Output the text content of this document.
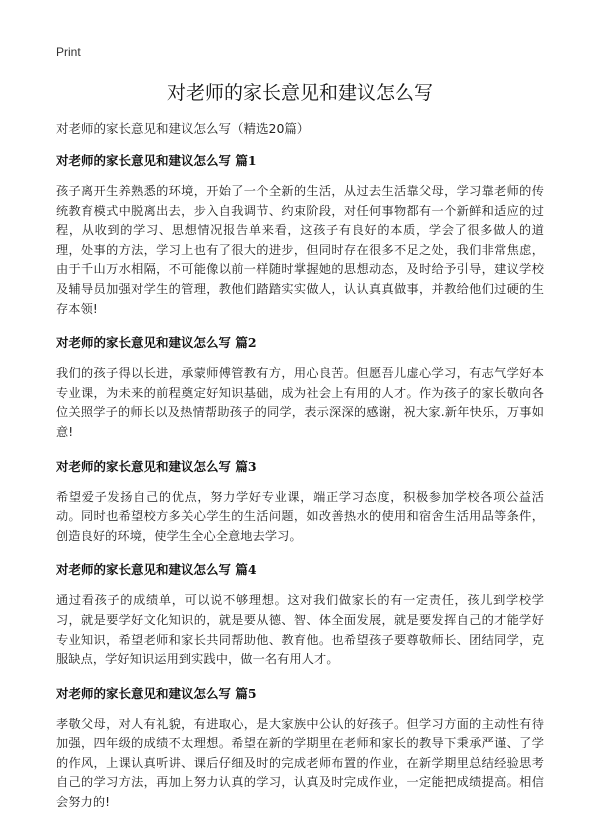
Print
对老师的家长意见和建议怎么写
对老师的家长意见和建议怎么写（精选20篇）
对老师的家长意见和建议怎么写 篇1

孩子离开生养熟悉的环境，开始了一个全新的生活，从过去生活靠父母，学习靠老师的传统教育模式中脱离出去，步入自我调节、约束阶段，对任何事物都有一个新鲜和适应的过程，从收到的学习、思想情况报告单来看，这孩子有良好的本质，学会了很多做人的道理，处事的方法，学习上也有了很大的进步，但同时存在很多不足之处，我们非常焦虑，由于千山万水相隔，不可能像以前一样随时掌握她的思想动态，及时给予引导，建议学校及辅导员加强对学生的管理，教他们踏踏实实做人，认认真真做事，并教给他们过硬的生存本领!

对老师的家长意见和建议怎么写 篇2

我们的孩子得以长进，承蒙师傅管教有方，用心良苦。但愿吾儿虚心学习，有志气学好本专业课，为未来的前程奠定好知识基础，成为社会上有用的人才。作为孩子的家长敬向各位关照学子的师长以及热情帮助孩子的同学，表示深深的感谢，祝大家.新年快乐，万事如意!

对老师的家长意见和建议怎么写 篇3

希望爱子发扬自己的优点，努力学好专业课，端正学习态度，积极参加学校各项公益活动。同时也希望校方多关心学生的生活问题，如改善热水的使用和宿舍生活用品等条件，创造良好的环境，使学生全心全意地去学习。

对老师的家长意见和建议怎么写 篇4

通过看孩子的成绩单，可以说不够理想。这对我们做家长的有一定责任，孩儿到学校学习，就是要学好文化知识的，就是要从德、智、体全面发展，就是要发挥自己的才能学好专业知识，希望老师和家长共同帮助他、教育他。也希望孩子要尊敬师长、团结同学，克服缺点，学好知识运用到实践中，做一名有用人才。

对老师的家长意见和建议怎么写 篇5

孝敬父母，对人有礼貌，有进取心，是大家族中公认的好孩子。但学习方面的主动性有待加强，四年级的成绩不太理想。希望在新的学期里在老师和家长的教导下秉承严谨、了学的作风，上课认真听讲、课后仔细及时的完成老师布置的作业，在新学期里总结经验思考自己的学习方法，再加上努力认真的学习，认真及时完成作业，一定能把成绩提高。相信会努力的!
